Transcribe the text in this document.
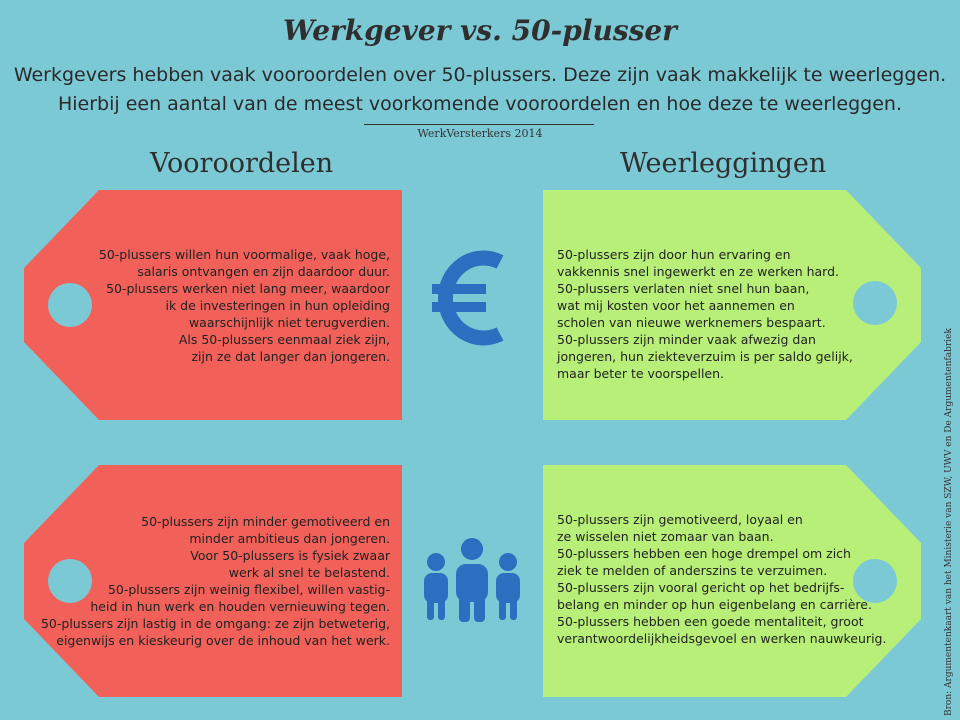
Werkgever vs. 50-plusser
Werkgevers hebben vaak vooroordelen over 50-plussers. Deze zijn vaak makkelijk te weerleggen.
Hierbij een aantal van de meest voorkomende vooroordelen en hoe deze te weerleggen.
WerkVersterkers 2014
Vooroordelen	Weerleggingen
50-plussers willen hun voormalige, vaak hoge,
salaris ontvangen en zijn daardoor duur.
50-plussers werken niet lang meer, waardoor
ik de investeringen in hun opleiding
waarschijnlijk niet terugverdien.
Als 50-plussers eenmaal ziek zijn,
zijn ze dat langer dan jongeren.
50-plussers zijn door hun ervaring en
vakkennis snel ingewerkt en ze werken hard.
50-plussers verlaten niet snel hun baan,
wat mij kosten voor het aannemen en
scholen van nieuwe werknemers bespaart.
50-plussers zijn minder vaak afwezig dan
jongeren, hun ziekteverzuim is per saldo gelijk,
maar beter te voorspellen.
50-plussers zijn minder gemotiveerd en
minder ambitieus dan jongeren.
Voor 50-plussers is fysiek zwaar
werk al snel te belastend.
50-plussers zijn weinig flexibel, willen vastig-
heid in hun werk en houden vernieuwing tegen.
50-plussers zijn lastig in de omgang: ze zijn betweterig,
eigenwijs en kieskeurig over de inhoud van het werk.
50-plussers zijn gemotiveerd, loyaal en
ze wisselen niet zomaar van baan.
50-plussers hebben een hoge drempel om zich
ziek te melden of anderszins te verzuimen.
50-plussers zijn vooral gericht op het bedrijfs-
belang en minder op hun eigenbelang en carrière.
50-plussers hebben een goede mentaliteit, groot
verantwoordelijkheidsgevoel en werken nauwkeurig.	Bron: Argumentenkaart van het Ministerie van SZW, UWV en De Argumentenfabriek
